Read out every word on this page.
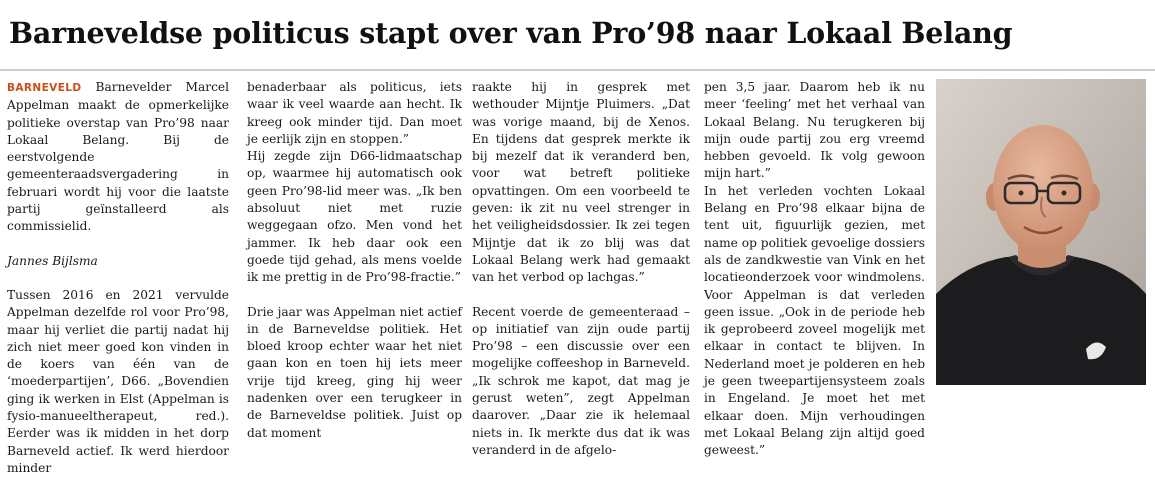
Barneveldse politicus stapt over van Pro’98 naar Lokaal Belang

BARNEVELD Barnevelder Marcel Appelman maakt de opmerkelijke politieke overstap van Pro’98 naar Lokaal Belang. Bij de eerstvolgende gemeenteraadsvergadering in februari wordt hij voor die laatste partij geïnstalleerd als commissielid.

Jannes Bijlsma

Tussen 2016 en 2021 vervulde Appelman dezelfde rol voor Pro’98, maar hij verliet die partij nadat hij zich niet meer goed kon vinden in de koers van één van de ‘moederpartijen’, D66. „Bovendien ging ik werken in Elst (Appelman is fysio-manueeltherapeut, red.). Eerder was ik midden in het dorp Barneveld actief. Ik werd hierdoor minder

benaderbaar als politicus, iets waar ik veel waarde aan hecht. Ik kreeg ook minder tijd. Dan moet je eerlijk zijn en stoppen.”

Hij zegde zijn D66-lidmaatschap op, waarmee hij automatisch ook geen Pro’98-lid meer was. „Ik ben absoluut niet met ruzie weggegaan ofzo. Men vond het jammer. Ik heb daar ook een goede tijd gehad, als mens voelde ik me prettig in de Pro’98-fractie.”

Drie jaar was Appelman niet actief in de Barneveldse politiek. Het bloed kroop echter waar het niet gaan kon en toen hij iets meer vrije tijd kreeg, ging hij weer nadenken over een terugkeer in de Barneveldse politiek. Juist op dat moment

raakte hij in gesprek met wethouder Mijntje Pluimers. „Dat was vorige maand, bij de Xenos. En tijdens dat gesprek merkte ik bij mezelf dat ik veranderd ben, voor wat betreft politieke opvattingen. Om een voorbeeld te geven: ik zit nu veel strenger in het veiligheidsdossier. Ik zei tegen Mijntje dat ik zo blij was dat Lokaal Belang werk had gemaakt van het verbod op lachgas.”

Recent voerde de gemeenteraad – op initiatief van zijn oude partij Pro’98 – een discussie over een mogelijke coffeeshop in Barneveld. „Ik schrok me kapot, dat mag je gerust weten”, zegt Appelman daarover. „Daar zie ik helemaal niets in. Ik merkte dus dat ik was veranderd in de afgelo-

pen 3,5 jaar. Daarom heb ik nu meer ‘feeling’ met het verhaal van Lokaal Belang. Nu terugkeren bij mijn oude partij zou erg vreemd hebben gevoeld. Ik volg gewoon mijn hart.”

In het verleden vochten Lokaal Belang en Pro’98 elkaar bijna de tent uit, figuurlijk gezien, met name op politiek gevoelige dossiers als de zandkwestie van Vink en het locatieonderzoek voor windmolens. Voor Appelman is dat verleden geen issue. „Ook in de periode heb ik geprobeerd zoveel mogelijk met elkaar in contact te blijven. In Nederland moet je polderen en heb je geen tweepartijensysteem zoals in Engeland. Je moet het met elkaar doen. Mijn verhoudingen met Lokaal Belang zijn altijd goed geweest.”
